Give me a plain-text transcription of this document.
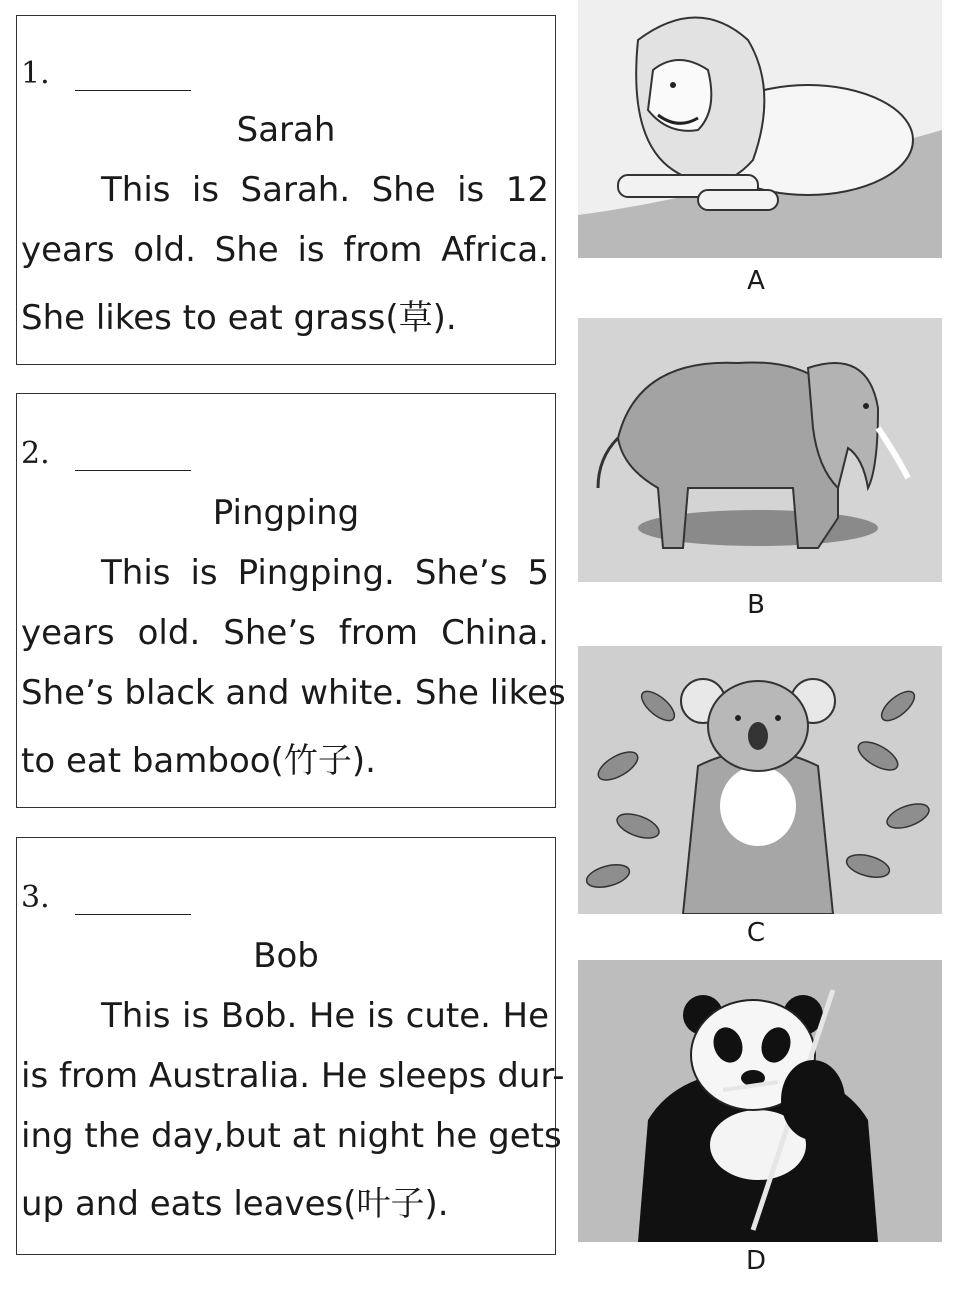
1.
Sarah
This is Sarah. She is 12
years old. She is from Africa.
She likes to eat grass(草).
2.
Pingping
This is Pingping. She’s 5
years old. She’s from China.
She’s black and white. She likes
to eat bamboo(竹子).
3.
Bob
This is Bob. He is cute. He
is from Australia. He sleeps dur-
ing the day,but at night he gets
up and eats leaves(叶子).
A
B
C
D
